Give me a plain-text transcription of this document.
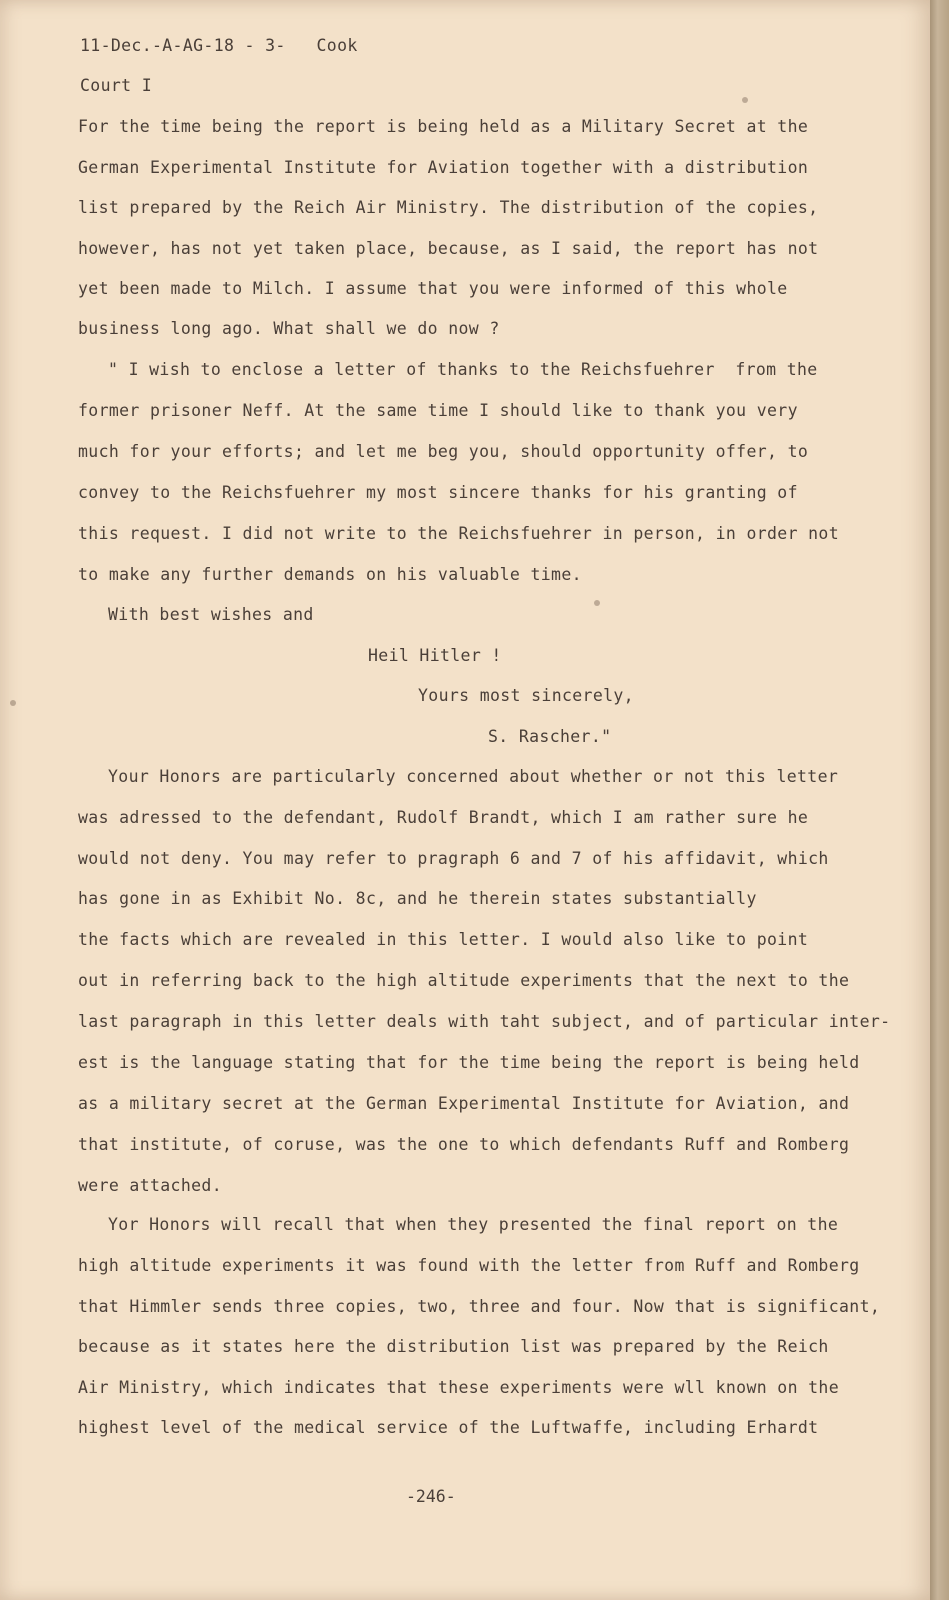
11-Dec.-A-AG-18 - 3-   Cook
Court I
For the time being the report is being held as a Military Secret at the
German Experimental Institute for Aviation together with a distribution
list prepared by the Reich Air Ministry. The distribution of the copies,
however, has not yet taken place, because, as I said, the report has not
yet been made to Milch. I assume that you were informed of this whole
business long ago. What shall we do now ?
" I wish to enclose a letter of thanks to the Reichsfuehrer  from the
former prisoner Neff. At the same time I should like to thank you very
much for your efforts; and let me beg you, should opportunity offer, to
convey to the Reichsfuehrer my most sincere thanks for his granting of
this request. I did not write to the Reichsfuehrer in person, in order not
to make any further demands on his valuable time.
With best wishes and
Heil Hitler !
Yours most sincerely,
S. Rascher."
Your Honors are particularly concerned about whether or not this letter
was adressed to the defendant, Rudolf Brandt, which I am rather sure he
would not deny. You may refer to pragraph 6 and 7 of his affidavit, which
has gone in as Exhibit No. 8c, and he therein states substantially
the facts which are revealed in this letter. I would also like to point
out in referring back to the high altitude experiments that the next to the
last paragraph in this letter deals with taht subject, and of particular inter-
est is the language stating that for the time being the report is being held
as a military secret at the German Experimental Institute for Aviation, and
that institute, of coruse, was the one to which defendants Ruff and Romberg
were attached.
Yor Honors will recall that when they presented the final report on the
high altitude experiments it was found with the letter from Ruff and Romberg
that Himmler sends three copies, two, three and four. Now that is significant,
because as it states here the distribution list was prepared by the Reich
Air Ministry, which indicates that these experiments were wll known on the
highest level of the medical service of the Luftwaffe, including Erhardt
-246-
